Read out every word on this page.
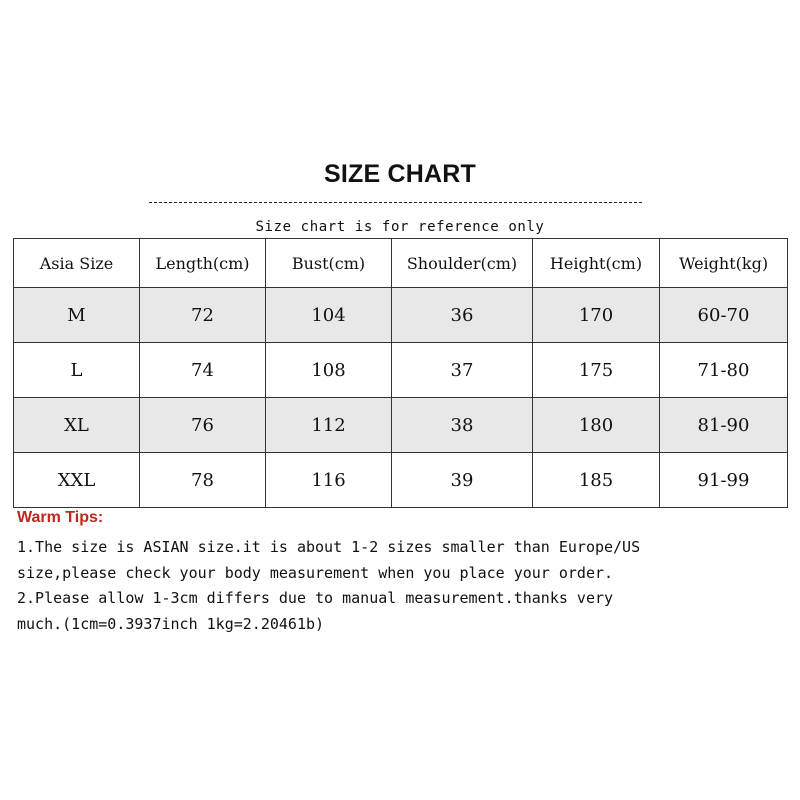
SIZE CHART
Size chart is for reference only
Asia Size	Length(cm)	Bust(cm)	Shoulder(cm)	Height(cm)	Weight(kg)
M	72	104	36	170	60-70
L	74	108	37	175	71-80
XL	76	112	38	180	81-90
XXL	78	116	39	185	91-99
Warm Tips:

1.The size is ASIAN size.it is about 1-2 sizes smaller than Europe/US

size,please check your body measurement when you place your order.

2.Please allow 1-3cm differs due to manual measurement.thanks very

much.(1cm=0.3937inch 1kg=2.20461b)
